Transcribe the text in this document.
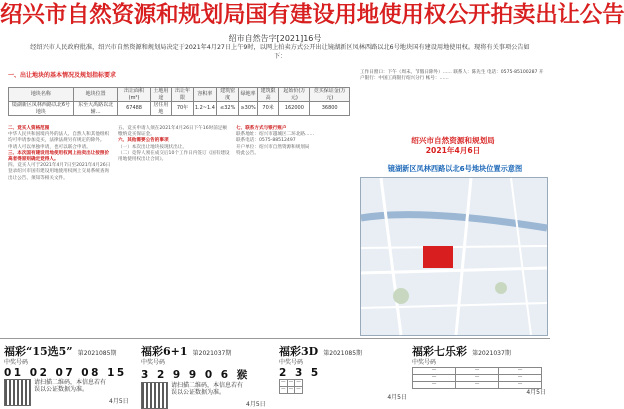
绍兴市自然资源和规划局国有建设用地使用权公开拍卖出让公告
绍市自然告字[2021]16号
经绍兴市人民政府批准，绍兴市自然资源和规划局决定于2021年4月27日上午9时，以网上拍卖方式公开出让镜湖新区凤林西路以北6号地块国有建设用地使用权。现将有关事项公告如下：
一、出让地块的基本情况及规划指标要求
地块名称	地块位置	出让面积(m²)	土地用途	出让年限	容积率	建筑密度	绿地率	建筑限高	起始价(万元)	竞买保证金(万元)
镜湖新区凤林西路以北6号地块	东至大禹路以北辅…	67488	居住用地	70年	1.2~1.4	≤32%	≥30%	70米	162000	36800
二、竞买人资格范围
中华人民共和国境内外的法人、自然人和其他组织均可申请参加竞买，法律法规另有规定的除外。
申请人可以单独申请，也可以联合申请。
三、本次国有建设用地使用权网上拍卖出让按照价高者得原则确定竞得人。
四、竞买人可于2021年4月7日至2021年4月26日登录绍兴市国有建设用地使用权网上交易系统查询出让公告、须知等相关文件。
五、竞买申请人须在2021年4月26日下午16时前足额缴纳竞买保证金。
六、其他需要公告的事项
（一）本次出让地块按现状出让。
（二）竞得人须在成交后10个工作日内签订《国有建设用地使用权出让合同》。
七、联系方式与银行账户
联系地址：绍兴市越城区二环北路……
联系电话：0575-88512497
开户单位：绍兴市自然资源和规划局
特此公告。
工作日窗口：下午（周末、节假日除外）…… 联系人：陈先生 电话：0575-85100287 开户银行：中国工商银行绍兴分行 帐号：……
绍兴市自然资源和规划局
2021年4月6日
镜湖新区凤林西路以北6号地块位置示意图
福彩“15选5” 第2021085期
中奖号码
01 02 07 08 15
请扫描二维码，本信息若有误以公证数据为准。
4月5日
福彩6+1 第2021037期
中奖号码
3 2 9 9 0 6 猴
请扫描二维码，本信息若有误以公证数据为准。
4月5日
福彩3D 第2021085期
中奖号码
2 3 5
—	—	—
—	—	—
4月5日
福彩七乐彩 第2021037期
中奖号码
—	—	—
—	—	—
—	—	—
4月5日
